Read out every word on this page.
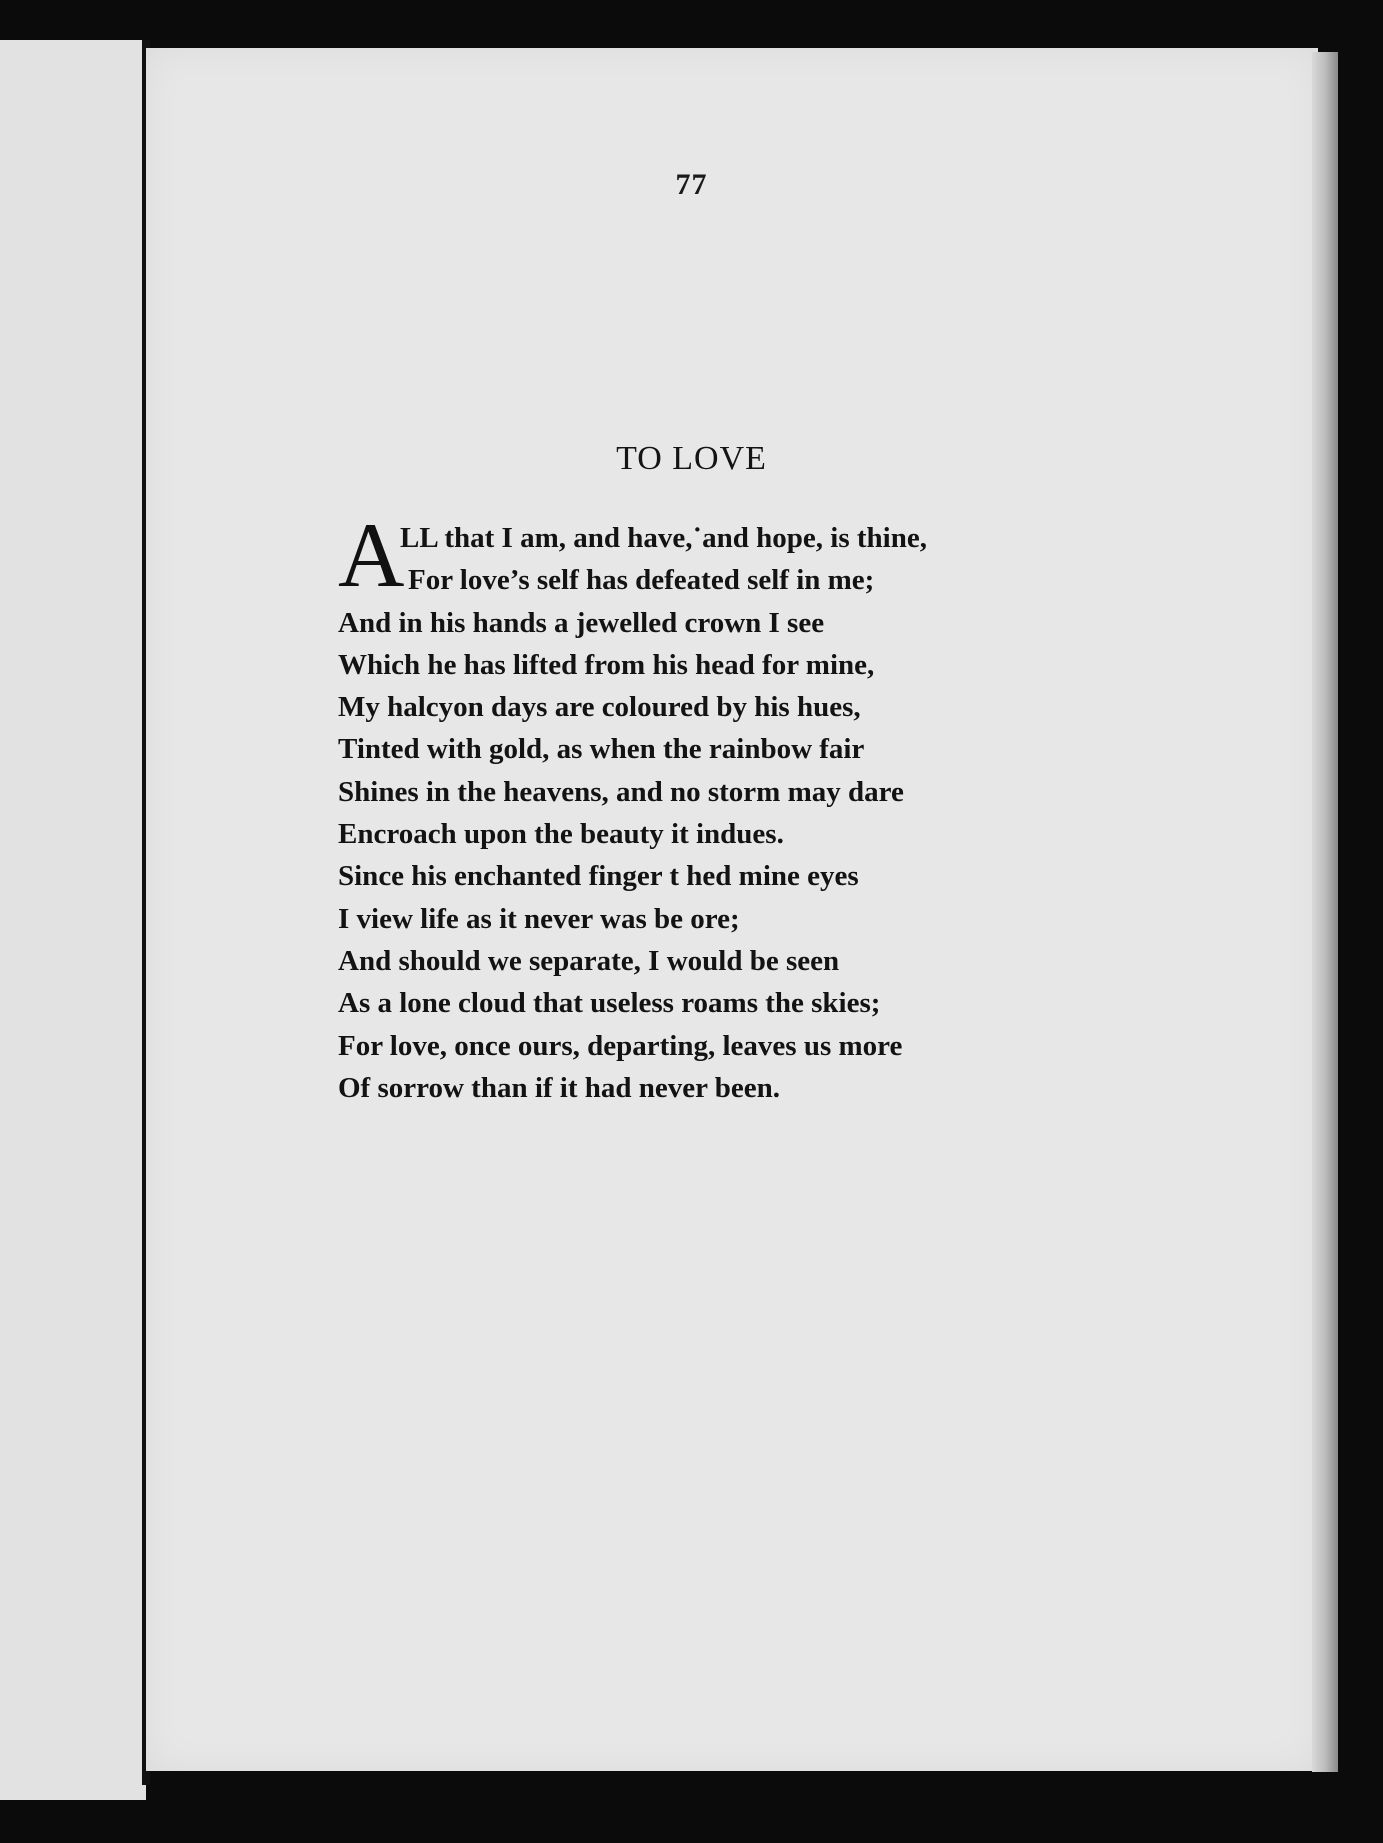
77
TO LOVE
A
LL that I am, and have,˙and hope, is thine,
For love’s self has defeated self in me;
And in his hands a jewelled crown I see
Which he has lifted from his head for mine,
My halcyon days are coloured by his hues,
Tinted with gold, as when the rainbow fair
Shines in the heavens, and no storm may dare
Encroach upon the beauty it indues.
Since his enchanted finger t hed mine eyes
I view life as it never was be ore;
And should we separate, I would be seen
As a lone cloud that useless roams the skies;
For love, once ours, departing, leaves us more
Of sorrow than if it had never been.
